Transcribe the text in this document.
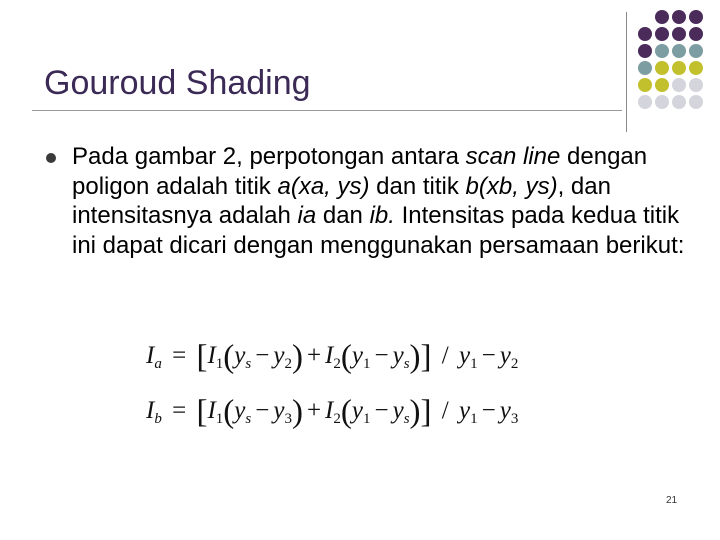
Gouroud Shading
Pada gambar 2, perpotongan antara scan line dengan poligon adalah titik a(xa, ys) dan titik b(xb, ys), dan intensitasnya adalah ia dan ib. Intensitas pada kedua titik ini dapat dicari dengan menggunakan persamaan berikut:
$I_a = [I_1(y_s - y_2) + I_2(y_1 - y_s)] / y_1 - y_2$
$I_b = [I_1(y_s - y_3) + I_2(y_1 - y_s)] / y_1 - y_3$
21
